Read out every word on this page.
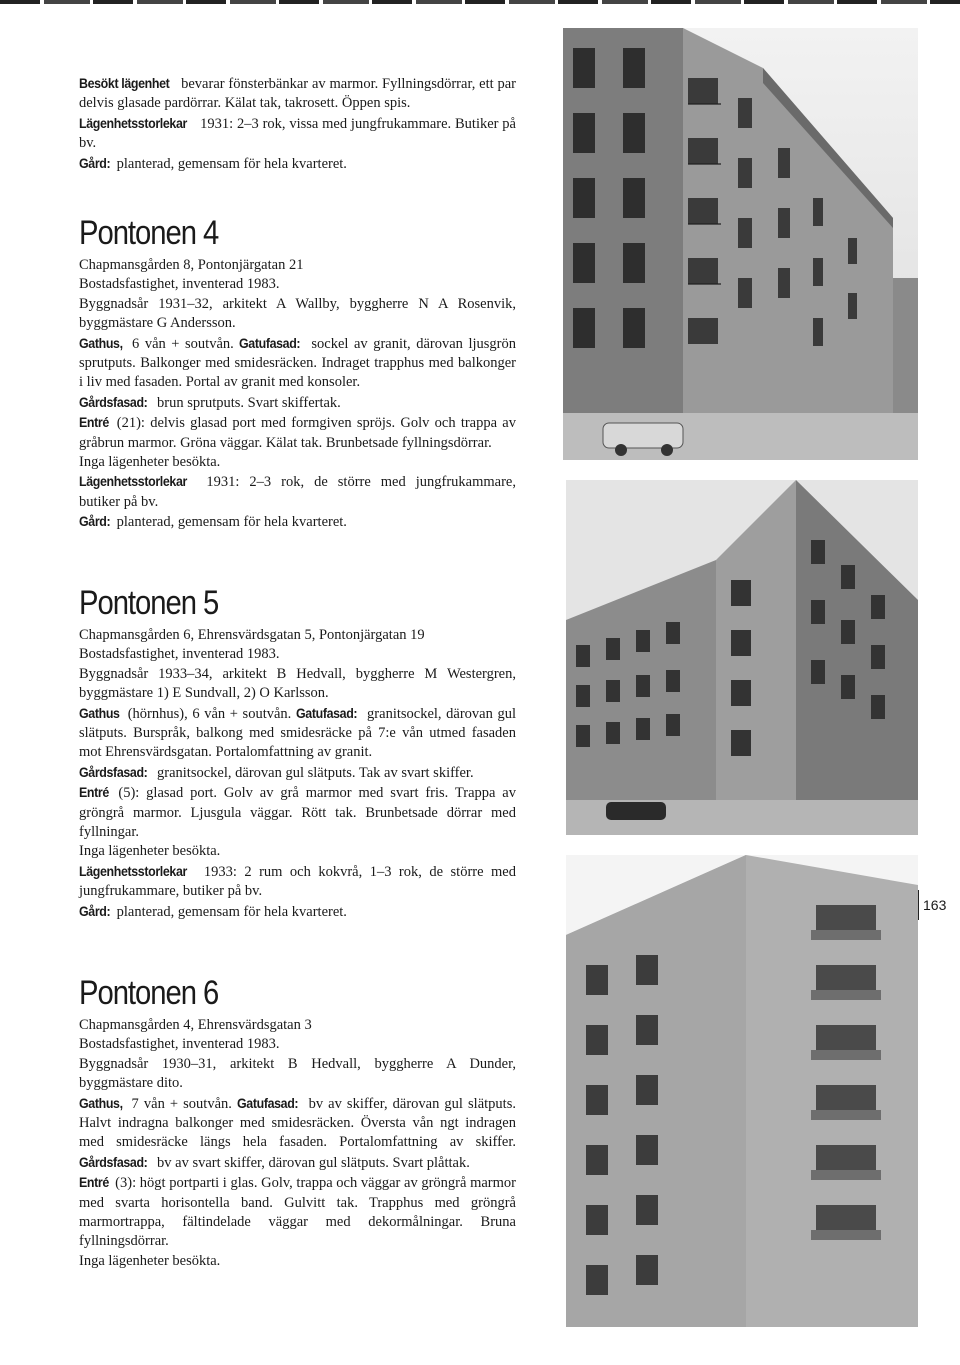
Besökt lägenhet bevarar fönsterbänkar av marmor. Fyllningsdörrar, ett par delvis glasade pardörrar. Kälat tak, takrosett. Öppen spis.

Lägenhetsstorlekar 1931: 2–3 rok, vissa med jungfrukammare. Butiker på bv.

Gård: planterad, gemensam för hela kvarteret.

Pontonen 4

Chapmansgården 8, Pontonjärgatan 21

Bostadsfastighet, inventerad 1983.

Byggnadsår 1931–32, arkitekt A Wallby, byggherre N A Rosenvik, byggmästare G Andersson.

Gathus, 6 vån + soutvån. Gatufasad: sockel av granit, därovan ljusgrön sprutputs. Balkonger med smidesräcken. Indraget trapphus med balkonger i liv med fasaden. Portal av granit med konsoler.

Gårdsfasad: brun sprutputs. Svart skiffertak.

Entré (21): delvis glasad port med formgiven spröjs. Golv och trappa av gråbrun marmor. Gröna väggar. Kälat tak. Brunbetsade fyllningsdörrar.

Inga lägenheter besökta.

Lägenhetsstorlekar 1931: 2–3 rok, de större med jungfrukammare, butiker på bv.

Gård: planterad, gemensam för hela kvarteret.

Pontonen 5

Chapmansgården 6, Ehrensvärdsgatan 5, Pontonjärgatan 19

Bostadsfastighet, inventerad 1983.

Byggnadsår 1933–34, arkitekt B Hedvall, byggherre M Westergren, byggmästare 1) E Sundvall, 2) O Karlsson.

Gathus (hörnhus), 6 vån + soutvån. Gatufasad: granitsockel, därovan gul slätputs. Burspråk, balkong med smidesräcke på 7:e vån utmed fasaden mot Ehrensvärdsgatan. Portalomfattning av granit.

Gårdsfasad: granitsockel, därovan gul slätputs. Tak av svart skiffer.

Entré (5): glasad port. Golv av grå marmor med svart fris. Trappa av gröngrå marmor. Ljusgula väggar. Rött tak. Brunbetsade dörrar med fyllningar.

Inga lägenheter besökta.

Lägenhetsstorlekar 1933: 2 rum och kokvrå, 1–3 rok, de större med jungfrukammare, butiker på bv.

Gård: planterad, gemensam för hela kvarteret.

Pontonen 6

Chapmansgården 4, Ehrensvärdsgatan 3

Bostadsfastighet, inventerad 1983.

Byggnadsår 1930–31, arkitekt B Hedvall, byggherre A Dunder, byggmästare dito.

Gathus, 7 vån + soutvån. Gatufasad: bv av skiffer, därovan gul slätputs. Halvt indragna balkonger med smidesräcken. Översta vån ngt indragen med smidesräcke längs hela fasaden. Portalomfattning av skiffer. Gårdsfasad: bv av svart skiffer, därovan gul slätputs. Svart plåttak.

Entré (3): högt portparti i glas. Golv, trappa och väggar av gröngrå marmor med svarta horisontella band. Gulvitt tak. Trapphus med gröngrå marmortrappa, fältindelade väggar med dekormålningar. Bruna fyllningsdörrar.

Inga lägenheter besökta.

163
